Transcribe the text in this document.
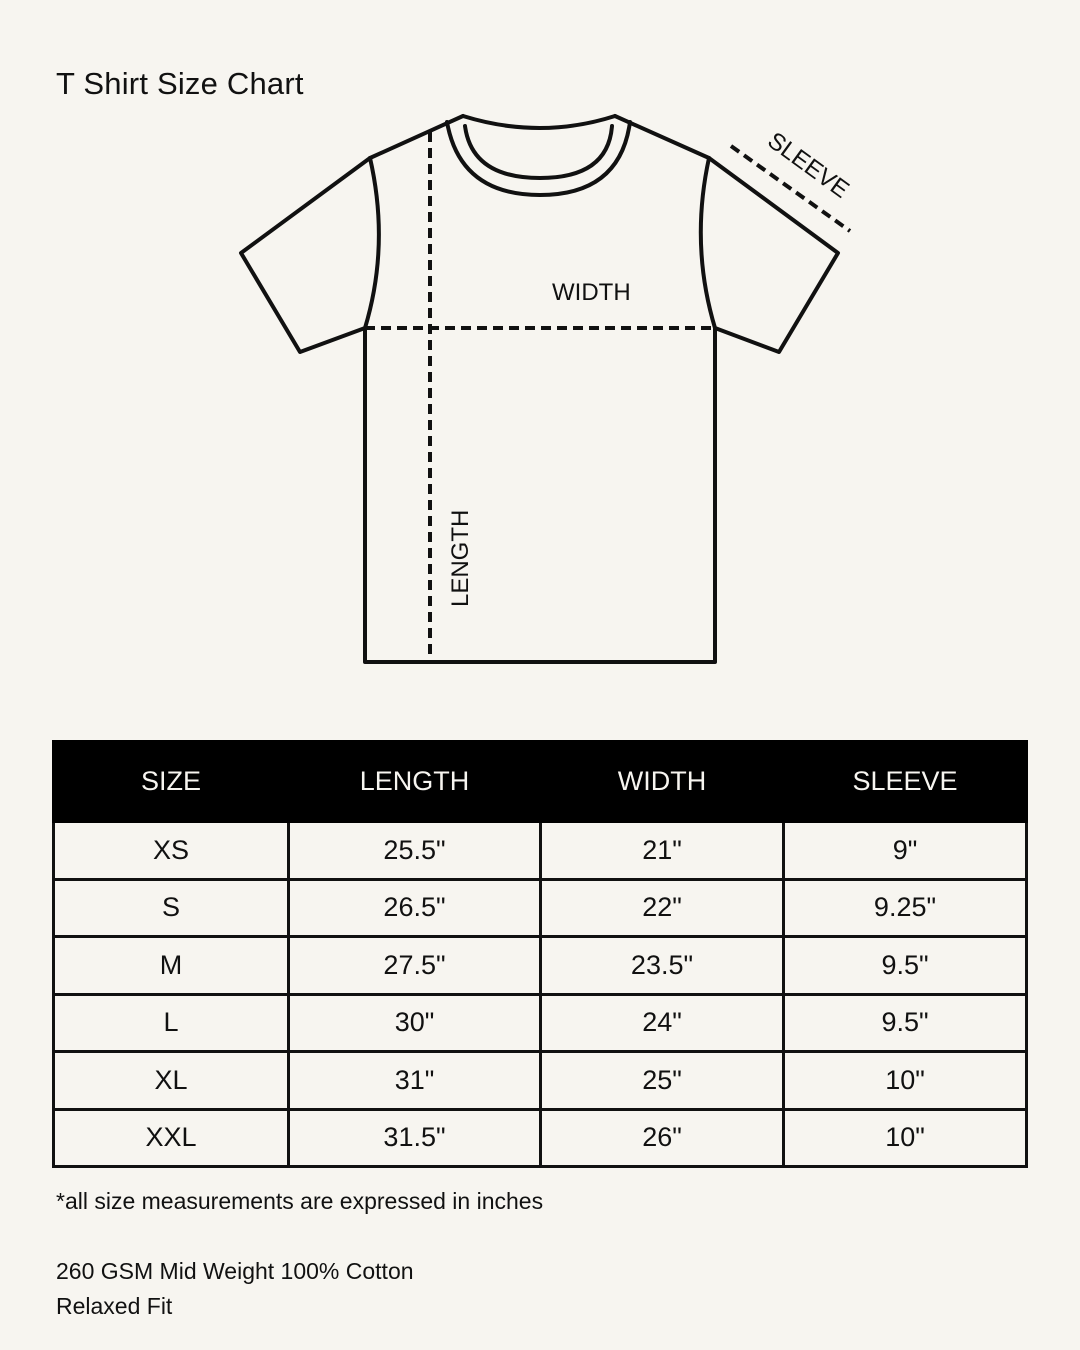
T Shirt Size Chart
WIDTH
LENGTH
SLEEVE
SIZE	LENGTH	WIDTH	SLEEVE
XS	25.5"	21"	9"
S	26.5"	22"	9.25"
M	27.5"	23.5"	9.5"
L	30"	24"	9.5"
XL	31"	25"	10"
XXL	31.5"	26"	10"
*all size measurements are expressed in inches
260 GSM Mid Weight 100% Cotton
Relaxed Fit
